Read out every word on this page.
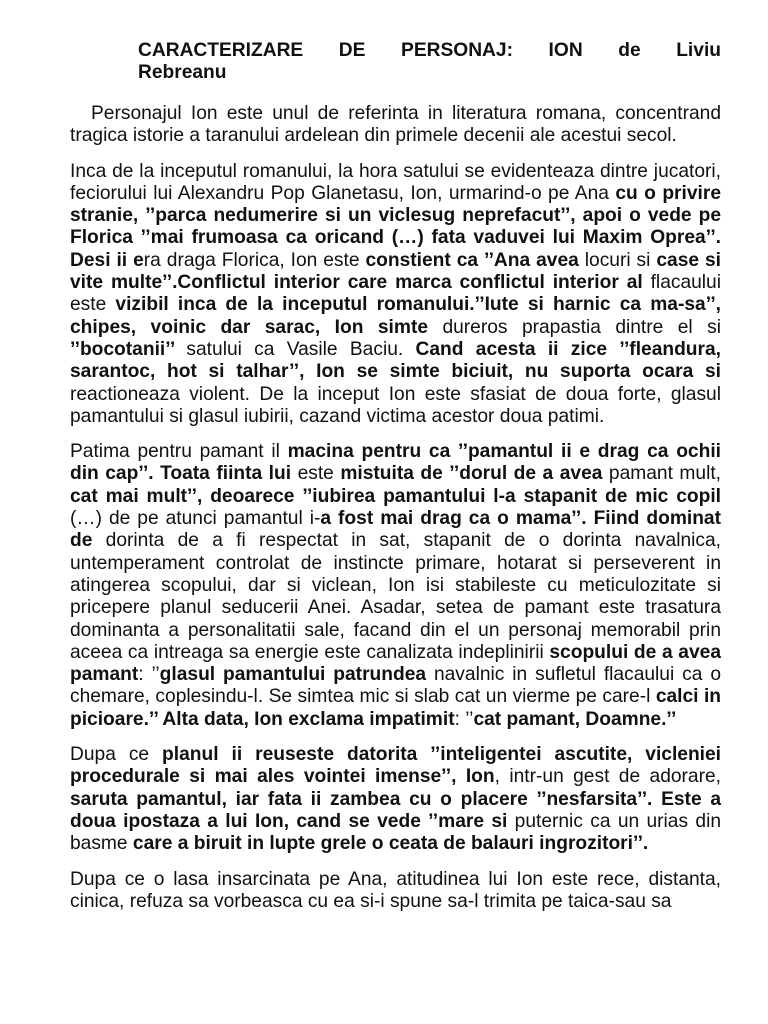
CARACTERIZARE DE PERSONAJ: ION de Liviu
Rebreanu

Personajul Ion este unul de referinta in literatura romana, concentrand tragica istorie a taranului ardelean din primele decenii ale acestui secol.

Inca de la inceputul romanului, la hora satului se evidenteaza dintre jucatori, feciorului lui Alexandru Pop Glanetasu, Ion, urmarind-o pe Ana cu o privire stranie, ’’parca nedumerire si un viclesug neprefacut’’, apoi o vede pe Florica ’’mai frumoasa ca oricand (…) fata vaduvei lui Maxim Oprea’’. Desi ii era draga Florica, Ion este constient ca ’’Ana avea locuri si case si vite multe’’.Conflictul interior care marca conflictul interior al flacaului este vizibil inca de la inceputul romanului.’’Iute si harnic ca ma-sa’’, chipes, voinic dar sarac, Ion simte dureros prapastia dintre el si ’’bocotanii’’ satului ca Vasile Baciu. Cand acesta ii zice ’’fleandura, sarantoc, hot si talhar’’, Ion se simte biciuit, nu suporta ocara si reactioneaza violent. De la inceput Ion este sfasiat de doua forte, glasul pamantului si glasul iubirii, cazand victima acestor doua patimi.

Patima pentru pamant il macina pentru ca ’’pamantul ii e drag ca ochii din cap’’. Toata fiinta lui este mistuita de ’’dorul de a avea pamant mult, cat mai mult’’, deoarece ’’iubirea pamantului l-a stapanit de mic copil (…) de pe atunci pamantul i-a fost mai drag ca o mama’’. Fiind dominat de dorinta de a fi respectat in sat, stapanit de o dorinta navalnica, untemperament controlat de instincte primare, hotarat si perseverent in atingerea scopului, dar si viclean, Ion isi stabileste cu meticulozitate si pricepere planul seducerii Anei. Asadar, setea de pamant este trasatura dominanta a personalitatii sale, facand din el un personaj memorabil prin aceea ca intreaga sa energie este canalizata indeplinirii scopului de a avea pamant: ’’glasul pamantului patrundea navalnic in sufletul flacaului ca o chemare, coplesindu-l. Se simtea mic si slab cat un vierme pe care-l calci in picioare.’’ Alta data, Ion exclama impatimit: ’’cat pamant, Doamne.’’

Dupa ce planul ii reuseste datorita ’’inteligentei ascutite, vicleniei procedurale si mai ales vointei imense’’, Ion, intr-un gest de adorare, saruta pamantul, iar fata ii zambea cu o placere ’’nesfarsita’’. Este a doua ipostaza a lui Ion, cand se vede ’’mare si puternic ca un urias din basme care a biruit in lupte grele o ceata de balauri ingrozitori’’.

Dupa ce o lasa insarcinata pe Ana, atitudinea lui Ion este rece, distanta, cinica, refuza sa vorbeasca cu ea si-i spune sa-l trimita pe taica-sau sa
